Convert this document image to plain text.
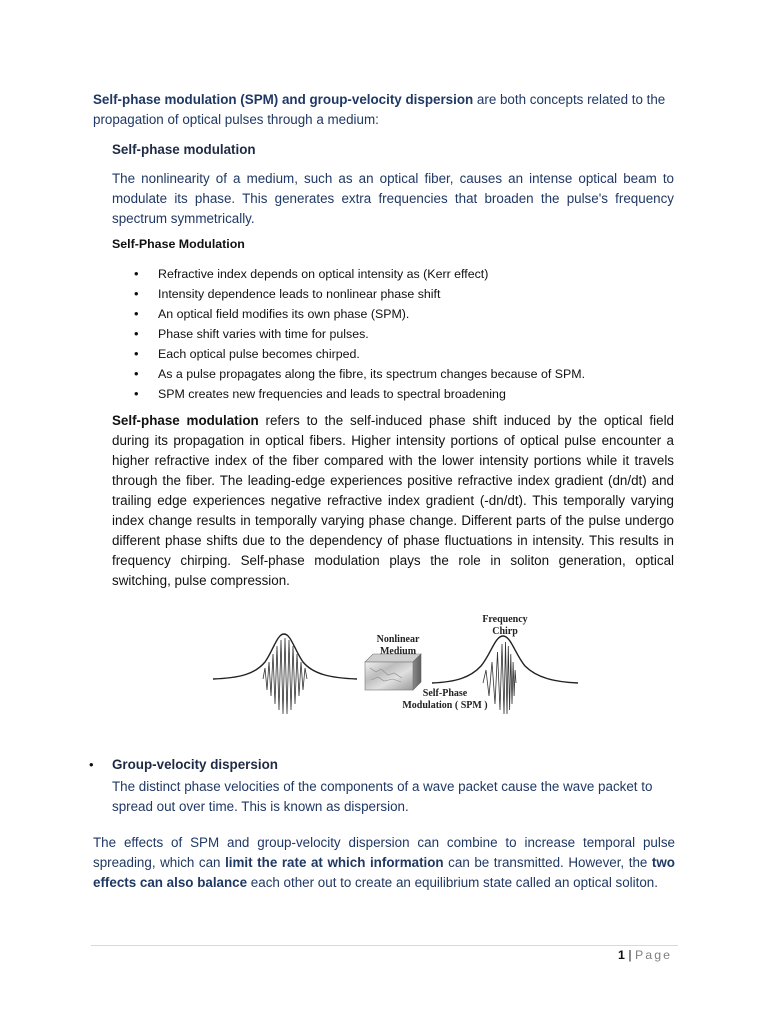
Self-phase modulation (SPM) and group-velocity dispersion are both concepts related to the propagation of optical pulses through a medium:

Self-phase modulation

The nonlinearity of a medium, such as an optical fiber, causes an intense optical beam to modulate its phase. This generates extra frequencies that broaden the pulse's frequency spectrum symmetrically.

Self-Phase Modulation
• Refractive index depends on optical intensity as (Kerr effect)
• Intensity dependence leads to nonlinear phase shift
• An optical field modifies its own phase (SPM).
• Phase shift varies with time for pulses.
• Each optical pulse becomes chirped.
• As a pulse propagates along the fibre, its spectrum changes because of SPM.
• SPM creates new frequencies and leads to spectral broadening

Self-phase modulation refers to the self-induced phase shift induced by the optical field during its propagation in optical fibers. Higher intensity portions of optical pulse encounter a higher refractive index of the fiber compared with the lower intensity portions while it travels through the fiber. The leading-edge experiences positive refractive index gradient (dn/dt) and trailing edge experiences negative refractive index gradient (-dn/dt). This temporally varying index change results in temporally varying phase change. Different parts of the pulse undergo different phase shifts due to the dependency of phase fluctuations in intensity. This results in frequency chirping. Self-phase modulation plays the role in soliton generation, optical switching, pulse compression.

Nonlinear
Medium
Frequency
Chirp
Self-Phase
Modulation ( SPM )
• Group-velocity dispersion

The distinct phase velocities of the components of a wave packet cause the wave packet to spread out over time. This is known as dispersion.

The effects of SPM and group-velocity dispersion can combine to increase temporal pulse spreading, which can limit the rate at which information can be transmitted. However, the two effects can also balance each other out to create an equilibrium state called an optical soliton.

1 | Page
